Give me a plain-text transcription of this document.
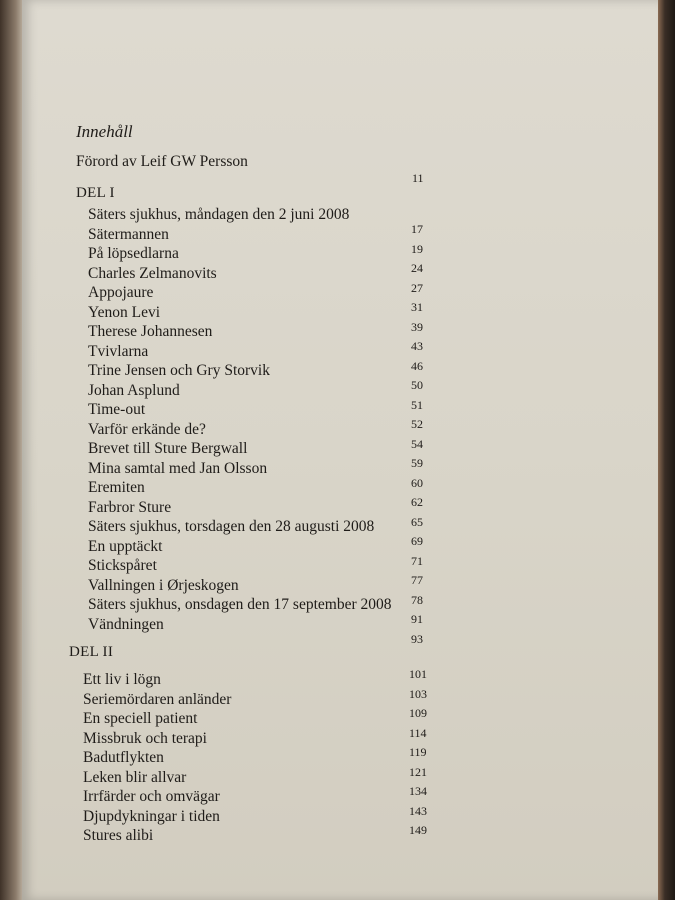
Innehåll
Förord av Leif GW Persson
11
DEL I
Säters sjukhus, måndagen den 2 juni 2008
Sätermannen
På löpsedlarna
Charles Zelmanovits
Appojaure
Yenon Levi
Therese Johannesen
Tvivlarna
Trine Jensen och Gry Storvik
Johan Asplund
Time-out
Varför erkände de?
Brevet till Sture Bergwall
Mina samtal med Jan Olsson
Eremiten
Farbror Sture
Säters sjukhus, torsdagen den 28 augusti 2008
En upptäckt
Stickspåret
Vallningen i Ørjeskogen
Säters sjukhus, onsdagen den 17 september 2008
Vändningen
17
19
24
27
31
39
43
46
50
51
52
54
59
60
62
65
69
71
77
78
91
93
DEL II
Ett liv i lögn
Seriemördaren anländer
En speciell patient
Missbruk och terapi
Badutflykten
Leken blir allvar
Irrfärder och omvägar
Djupdykningar i tiden
Stures alibi
101
103
109
114
119
121
134
143
149
